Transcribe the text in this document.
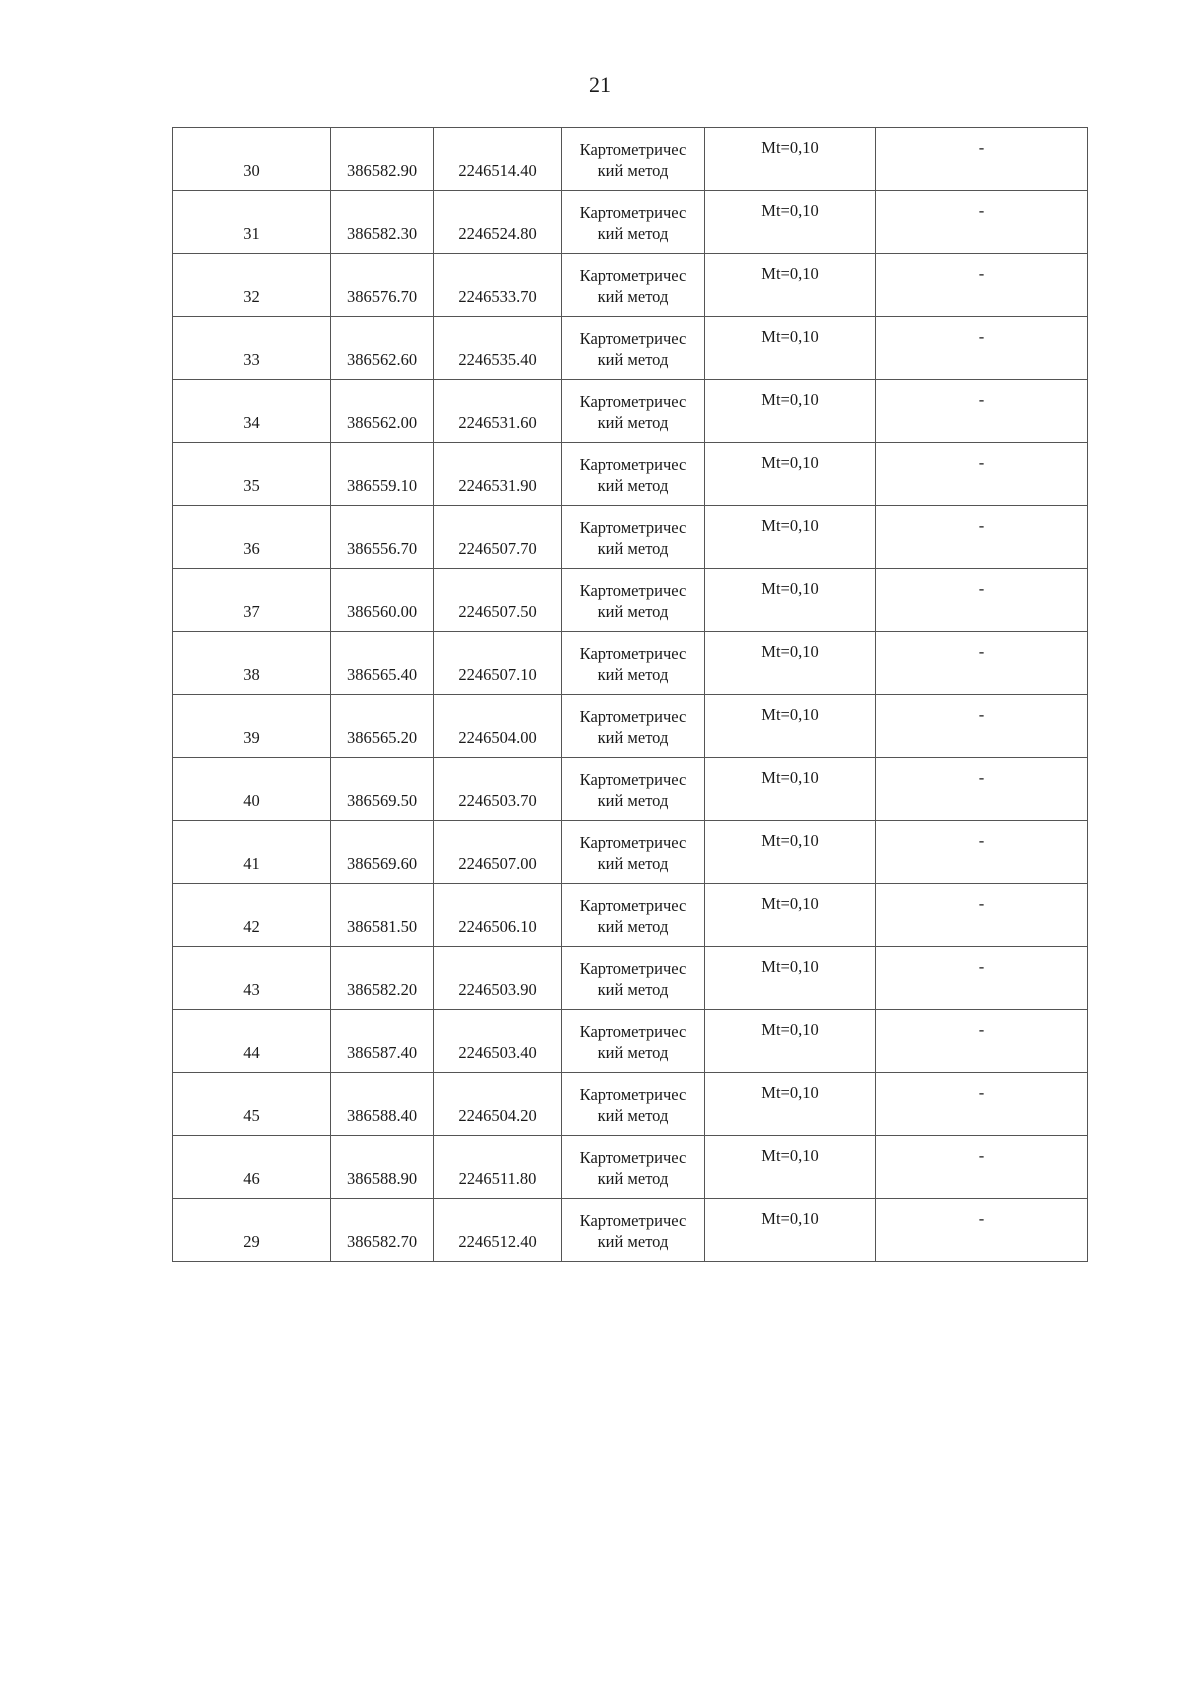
21
30	386582.90	2246514.40	Картометричес
кий метод	Mt=0,10	-

31	386582.30	2246524.80	Картометричес
кий метод	Mt=0,10	-

32	386576.70	2246533.70	Картометричес
кий метод	Mt=0,10	-

33	386562.60	2246535.40	Картометричес
кий метод	Mt=0,10	-

34	386562.00	2246531.60	Картометричес
кий метод	Mt=0,10	-

35	386559.10	2246531.90	Картометричес
кий метод	Mt=0,10	-

36	386556.70	2246507.70	Картометричес
кий метод	Mt=0,10	-

37	386560.00	2246507.50	Картометричес
кий метод	Mt=0,10	-

38	386565.40	2246507.10	Картометричес
кий метод	Mt=0,10	-

39	386565.20	2246504.00	Картометричес
кий метод	Mt=0,10	-

40	386569.50	2246503.70	Картометричес
кий метод	Mt=0,10	-

41	386569.60	2246507.00	Картометричес
кий метод	Mt=0,10	-

42	386581.50	2246506.10	Картометричес
кий метод	Mt=0,10	-

43	386582.20	2246503.90	Картометричес
кий метод	Mt=0,10	-

44	386587.40	2246503.40	Картометричес
кий метод	Mt=0,10	-

45	386588.40	2246504.20	Картометричес
кий метод	Mt=0,10	-

46	386588.90	2246511.80	Картометричес
кий метод	Mt=0,10	-

29	386582.70	2246512.40	Картометричес
кий метод	Mt=0,10	-
